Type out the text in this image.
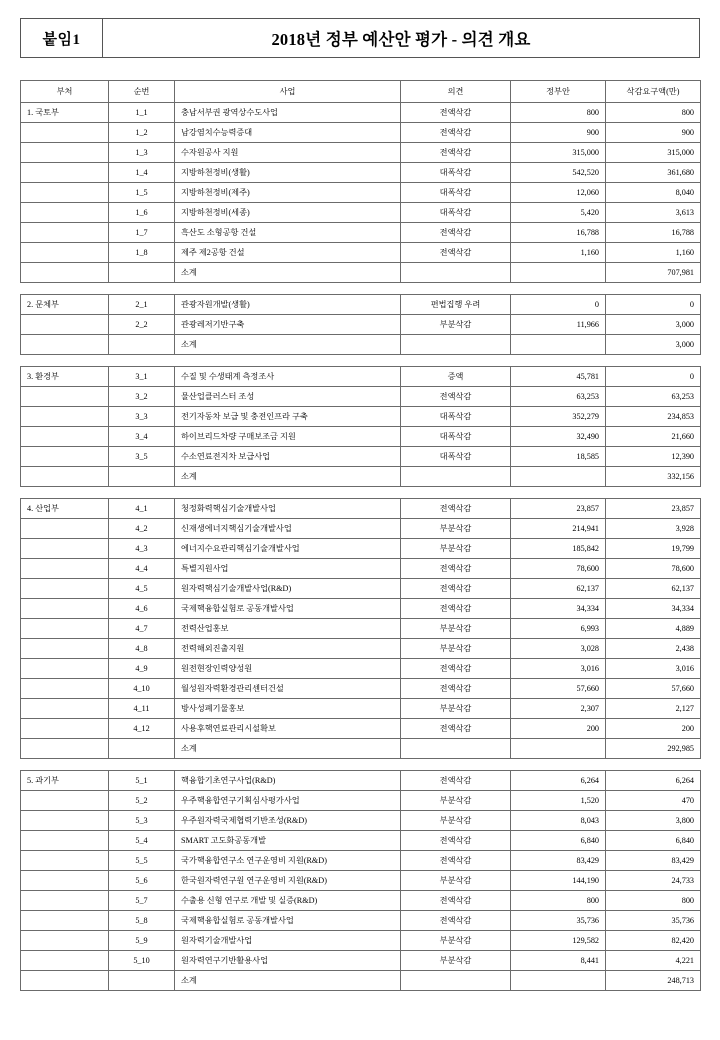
붙임1	2018년 정부 예산안 평가 - 의견 개요
부처	순번	사업	의견	정부안	삭감요구액(만)
1. 국토부	1_1	충남서부권 광역상수도사업	전액삭감	800	800
	1_2	남강염치수능력증대	전액삭감	900	900
	1_3	수자원공사 지원	전액삭감	315,000	315,000
	1_4	지방하천정비(생활)	대폭삭감	542,520	361,680
	1_5	지방하천정비(제주)	대폭삭감	12,060	8,040
	1_6	지방하천정비(세종)	대폭삭감	5,420	3,613
	1_7	흑산도 소형공항 건설	전액삭감	16,788	16,788
	1_8	제주 제2공항 건설	전액삭감	1,160	1,160
		소계			707,981

2. 문체부	2_1	관광자원개발(생활)	편법집행 우려	0	0
	2_2	관광레저기반구축	부분삭감	11,966	3,000
		소계			3,000

3. 환경부	3_1	수질 및 수생태계 측정조사	증액	45,781	0
	3_2	물산업클러스터 조성	전액삭감	63,253	63,253
	3_3	전기자동차 보급 및 충전인프라 구축	대폭삭감	352,279	234,853
	3_4	하이브리드차량 구매보조금 지원	대폭삭감	32,490	21,660
	3_5	수소연료전지차 보급사업	대폭삭감	18,585	12,390
		소계			332,156

4. 산업부	4_1	청정화력핵심기술개발사업	전액삭감	23,857	23,857
	4_2	신재생에너지핵심기술개발사업	부분삭감	214,941	3,928
	4_3	에너지수요관리핵심기술개발사업	부분삭감	185,842	19,799
	4_4	특별지원사업	전액삭감	78,600	78,600
	4_5	원자력핵심기술개발사업(R&D)	전액삭감	62,137	62,137
	4_6	국제핵융합실험로 공동개발사업	전액삭감	34,334	34,334
	4_7	전력산업홍보	부분삭감	6,993	4,889
	4_8	전력해외진출지원	부분삭감	3,028	2,438
	4_9	원전현장인력양성원	전액삭감	3,016	3,016
	4_10	월성원자력환경관리센터건설	전액삭감	57,660	57,660
	4_11	방사성폐기물홍보	부분삭감	2,307	2,127
	4_12	사용후핵연료관리시설확보	전액삭감	200	200
		소계			292,985

5. 과기부	5_1	핵융합기초연구사업(R&D)	전액삭감	6,264	6,264
	5_2	우주핵융합연구기획심사평가사업	부분삭감	1,520	470
	5_3	우주원자력국제협력기반조성(R&D)	부분삭감	8,043	3,800
	5_4	SMART 고도화공동개발	전액삭감	6,840	6,840
	5_5	국가핵융합연구소 연구운영비 지원(R&D)	전액삭감	83,429	83,429
	5_6	한국원자력연구원 연구운영비 지원(R&D)	부분삭감	144,190	24,733
	5_7	수출용 신형 연구로 개발 및 실증(R&D)	전액삭감	800	800
	5_8	국제핵융합실험로 공동개발사업	전액삭감	35,736	35,736
	5_9	원자력기술개발사업	부분삭감	129,582	82,420
	5_10	원자력연구기반활용사업	부분삭감	8,441	4,221
		소계			248,713
